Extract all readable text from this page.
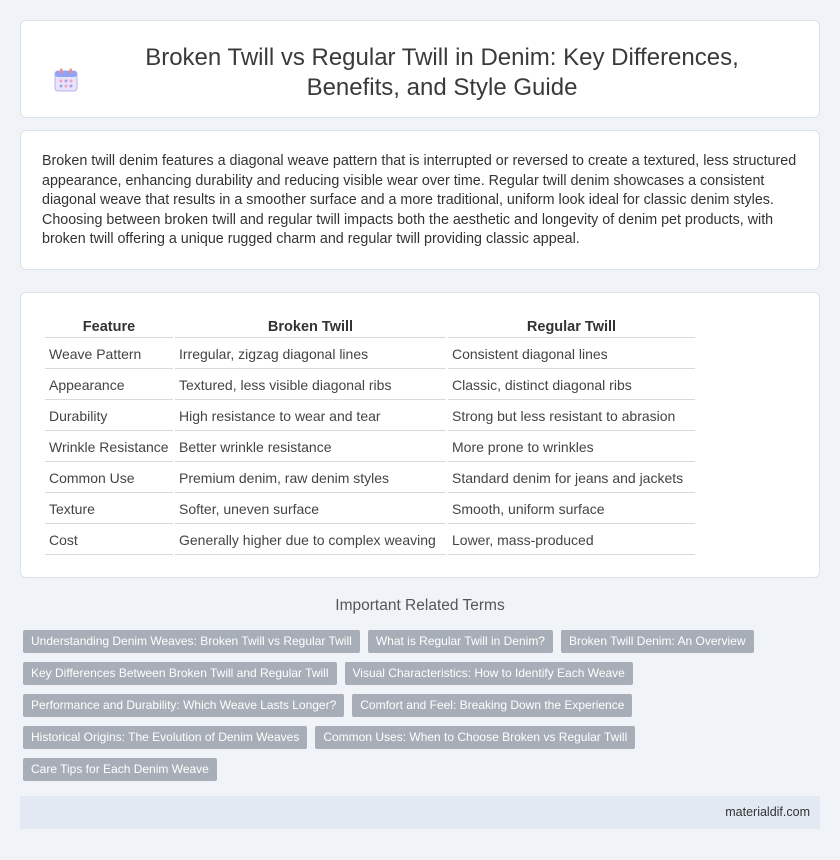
Broken Twill vs Regular Twill in Denim: Key Differences, Benefits, and Style Guide

Broken twill denim features a diagonal weave pattern that is interrupted or reversed to create a textured, less structured appearance, enhancing durability and reducing visible wear over time. Regular twill denim showcases a consistent diagonal weave that results in a smoother surface and a more traditional, uniform look ideal for classic denim styles. Choosing between broken twill and regular twill impacts both the aesthetic and longevity of denim pet products, with broken twill offering a unique rugged charm and regular twill providing classic appeal.

Feature	Broken Twill	Regular Twill
Weave Pattern	Irregular, zigzag diagonal lines	Consistent diagonal lines
Appearance	Textured, less visible diagonal ribs	Classic, distinct diagonal ribs
Durability	High resistance to wear and tear	Strong but less resistant to abrasion
Wrinkle Resistance	Better wrinkle resistance	More prone to wrinkles
Common Use	Premium denim, raw denim styles	Standard denim for jeans and jackets
Texture	Softer, uneven surface	Smooth, uniform surface
Cost	Generally higher due to complex weaving	Lower, mass-produced
Important Related Terms
Understanding Denim Weaves: Broken Twill vs Regular Twill	What is Regular Twill in Denim?	Broken Twill Denim: An Overview
Key Differences Between Broken Twill and Regular Twill	Visual Characteristics: How to Identify Each Weave
Performance and Durability: Which Weave Lasts Longer?	Comfort and Feel: Breaking Down the Experience
Historical Origins: The Evolution of Denim Weaves	Common Uses: When to Choose Broken vs Regular Twill
Care Tips for Each Denim Weave
materialdif.com
